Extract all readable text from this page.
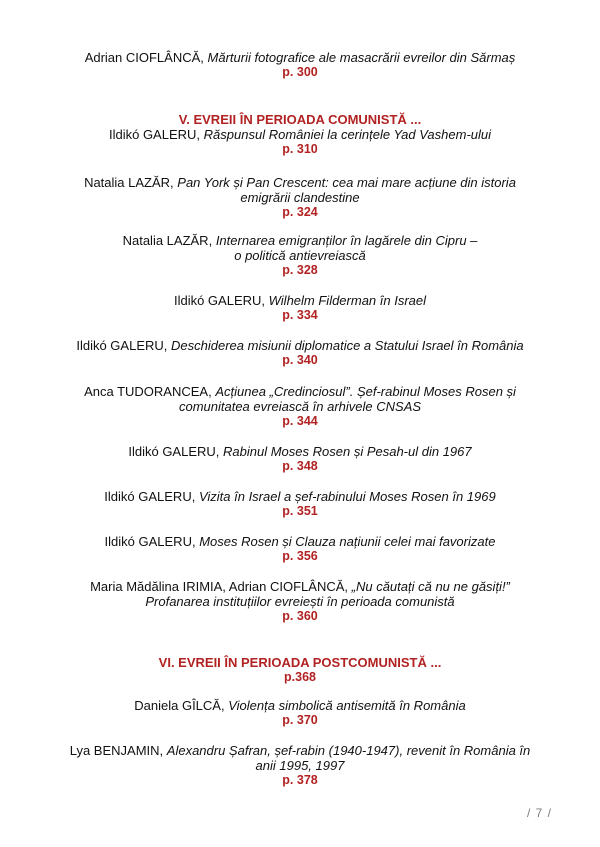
Adrian CIOFLÂNCĂ, Mărturii fotografice ale masacrării evreilor din Sărmaș
p. 300
V. EVREII ÎN PERIOADA COMUNISTĂ ...
Ildikó GALERU, Răspunsul României la cerințele Yad Vashem-ului
p. 310
Natalia LAZĂR, Pan York și Pan Crescent: cea mai mare acțiune din istoria
emigrării clandestine
p. 324
Natalia LAZĂR, Internarea emigranților în lagărele din Cipru –
o politică antievreiască
p. 328
Ildikó GALERU, Wilhelm Filderman în Israel
p. 334
Ildikó GALERU, Deschiderea misiunii diplomatice a Statului Israel în România
p. 340
Anca TUDORANCEA, Acțiunea „Credinciosul”. Șef-rabinul Moses Rosen și
comunitatea evreiască în arhivele CNSAS
p. 344
Ildikó GALERU, Rabinul Moses Rosen și Pesah-ul din 1967
p. 348
Ildikó GALERU, Vizita în Israel a șef-rabinului Moses Rosen în 1969
p. 351
Ildikó GALERU, Moses Rosen și Clauza națiunii celei mai favorizate
p. 356
Maria Mădălina IRIMIA, Adrian CIOFLÂNCĂ, „Nu căutați că nu ne găsiți!”
Profanarea instituțiilor evreiești în perioada comunistă
p. 360
VI. EVREII ÎN PERIOADA POSTCOMUNISTĂ ...
p.368
Daniela GÎLCĂ, Violența simbolică antisemită în România
p. 370
Lya BENJAMIN, Alexandru Șafran, șef-rabin (1940-1947), revenit în România în
anii 1995, 1997
p. 378
/ 7 /
